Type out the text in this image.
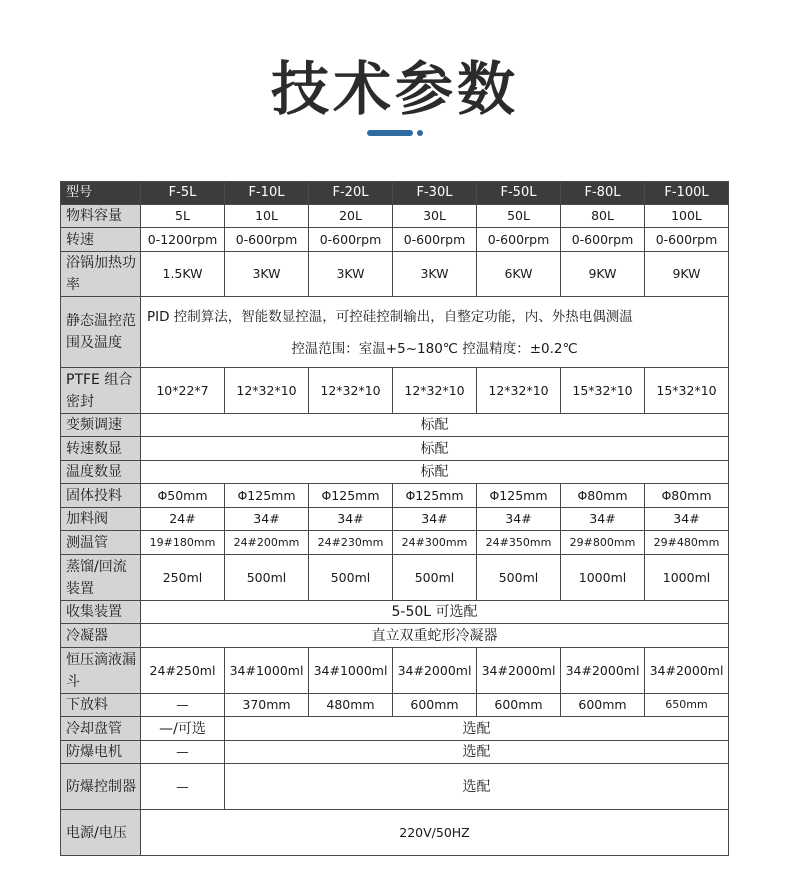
技术参数
型号	F-5L	F-10L	F-20L	F-30L	F-50L	F-80L	F-100L
物料容量	5L	10L	20L	30L	50L	80L	100L
转速	0-1200rpm	0-600rpm	0-600rpm	0-600rpm	0-600rpm	0-600rpm	0-600rpm
浴锅加热功率	1.5KW	3KW	3KW	3KW	6KW	9KW	9KW
静态温控范围及温度	PID 控制算法，智能数显控温，可控硅控制输出，自整定功能，内、外热电偶测温
控温范围：室温+5~180℃ 控温精度：±0.2℃						

PTFE 组合密封	10*22*7	12*32*10	12*32*10	12*32*10	12*32*10	15*32*10	15*32*10
变频调速	标配						
转速数显	标配						
温度数显	标配						
固体投料	Φ50mm	Φ125mm	Φ125mm	Φ125mm	Φ125mm	Φ80mm	Φ80mm
加料阀	24#	34#	34#	34#	34#	34#	34#
测温管	19#180mm	24#200mm	24#230mm	24#300mm	24#350mm	29#800mm	29#480mm
蒸馏/回流装置	250ml	500ml	500ml	500ml	500ml	1000ml	1000ml
收集装置	5-50L 可选配						
冷凝器	直立双重蛇形冷凝器						
恒压滴液漏斗	24#250ml	34#1000ml	34#1000ml	34#2000ml	34#2000ml	34#2000ml	34#2000ml
下放料	—	370mm	480mm	600mm	600mm	600mm	650mm
冷却盘管	—/可选	选配					
防爆电机	—	选配					
防爆控制器	—	选配					
电源/电压	220V/50HZ						
